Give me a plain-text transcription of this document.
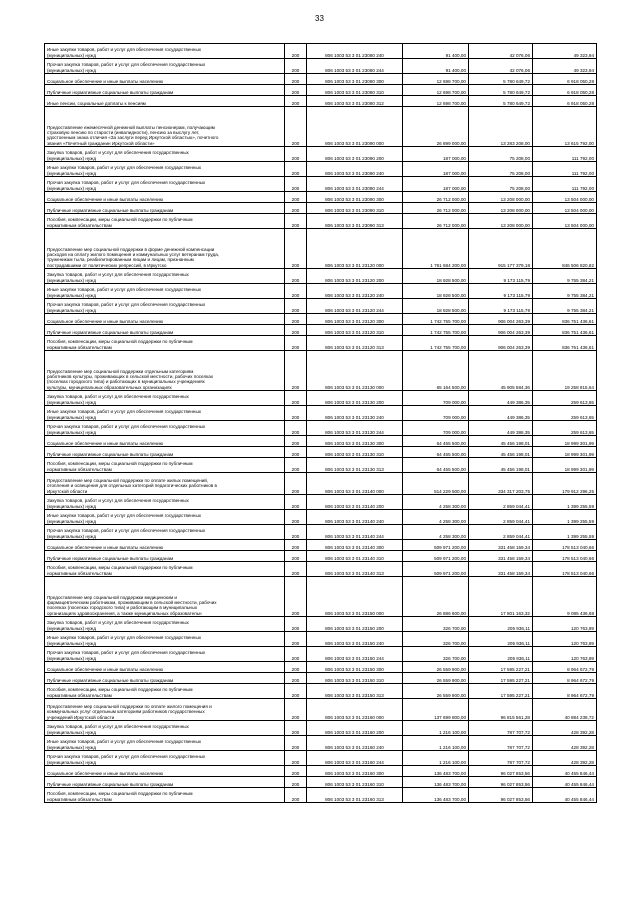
33
Иные закупки товаров, работ и услуг для обеспечения государственных
(муниципальных) нужд	200	806 1003 53 3 01 23080 240	91 400,00	42 076,06	49 323,94
Прочая закупка товаров, работ и услуг для обеспечения государственных
(муниципальных) нужд	200	806 1003 53 3 01 23080 244	91 400,00	42 076,06	49 323,94
Социальное обеспечение и иные выплаты населению	200	806 1003 53 3 01 23080 300	12 698 700,00	5 780 649,72	6 918 050,28
Публичные нормативные социальные выплаты гражданам	200	806 1003 53 3 01 23080 310	12 698 700,00	5 780 649,72	6 918 050,28
Иные пенсии, социальные доплаты к пенсиям	200	806 1003 53 3 01 23080 312	12 698 700,00	5 780 649,72	6 918 050,28
Предоставление ежемесячной денежной выплаты пенсионерам, получающим
страховую пенсию по старости (инвалидности), пенсию за выслугу лет,
удостоенным знака отличия «За заслуги перед Иркутской областью», почетного
звания «Почетный гражданин Иркутской области»	200	806 1003 53 3 01 23090 000	26 899 000,00	13 283 208,00	13 615 792,00
Закупка товаров, работ и услуг для обеспечения государственных
(муниципальных) нужд	200	806 1003 53 3 01 23090 200	187 000,00	75 208,00	111 792,00
Иные закупки товаров, работ и услуг для обеспечения государственных
(муниципальных) нужд	200	806 1003 53 3 01 23090 240	187 000,00	75 208,00	111 792,00
Прочая закупка товаров, работ и услуг для обеспечения государственных
(муниципальных) нужд	200	806 1003 53 3 01 23090 244	187 000,00	75 208,00	111 792,00
Социальное обеспечение и иные выплаты населению	200	806 1003 53 3 01 23090 300	26 712 000,00	13 208 000,00	13 504 000,00
Публичные нормативные социальные выплаты гражданам	200	806 1003 53 3 01 23090 310	26 712 000,00	13 208 000,00	13 504 000,00
Пособия, компенсации, меры социальной поддержки по публичным
нормативным обязательствам	200	806 1003 53 3 01 23090 313	26 712 000,00	13 208 000,00	13 504 000,00
Предоставление мер социальной поддержки в форме денежной компенсации
расходов на оплату жилого помещения и коммунальных услуг ветеранам труда,
труженикам тыла, реабилитированным лицам и лицам, признанным
пострадавшими от политических репрессий, в Иркутско	200	806 1003 53 3 01 23120 000	1 761 684 200,00	915 177 379,18	846 506 820,82
Закупка товаров, работ и услуг для обеспечения государственных
(муниципальных) нужд	200	806 1003 53 3 01 23120 200	18 928 500,00	9 173 115,79	9 755 384,21
Иные закупки товаров, работ и услуг для обеспечения государственных
(муниципальных) нужд	200	806 1003 53 3 01 23120 240	18 928 500,00	9 173 115,79	9 755 384,21
Прочая закупка товаров, работ и услуг для обеспечения государственных
(муниципальных) нужд	200	806 1003 53 3 01 23120 244	18 928 500,00	9 173 115,79	9 755 384,21
Социальное обеспечение и иные выплаты населению	200	806 1003 53 3 01 23120 300	1 742 755 700,00	906 004 263,39	836 751 436,61
Публичные нормативные социальные выплаты гражданам	200	806 1003 53 3 01 23120 310	1 742 755 700,00	906 004 263,39	836 751 436,61
Пособия, компенсации, меры социальной поддержки по публичным
нормативным обязательствам	200	806 1003 53 3 01 23120 313	1 742 755 700,00	906 004 263,39	836 751 436,61
Предоставление мер социальной поддержки отдельным категориям
работников культуры, проживающих в сельской местности, рабочих поселках
(поселках городского типа) и работающих в муниципальных учреждениях
культуры, муниципальных образовательных организациях	200	806 1003 53 3 01 23130 000	65 164 500,00	45 905 584,36	19 258 915,64
Закупка товаров, работ и услуг для обеспечения государственных
(муниципальных) нужд	200	806 1003 53 3 01 23130 200	709 000,00	449 386,35	259 613,65
Иные закупки товаров, работ и услуг для обеспечения государственных
(муниципальных) нужд	200	806 1003 53 3 01 23130 240	709 000,00	449 386,35	259 613,65
Прочая закупка товаров, работ и услуг для обеспечения государственных
(муниципальных) нужд	200	806 1003 53 3 01 23130 244	709 000,00	449 386,35	259 613,65
Социальное обеспечение и иные выплаты населению	200	806 1003 53 3 01 23130 300	64 455 500,00	45 456 198,01	18 999 301,99
Публичные нормативные социальные выплаты гражданам	200	806 1003 53 3 01 23130 310	64 455 500,00	45 456 198,01	18 999 301,99
Пособия, компенсации, меры социальной поддержки по публичным
нормативным обязательствам	200	806 1003 53 3 01 23130 313	64 455 500,00	45 456 198,01	18 999 301,99
Предоставление мер социальной поддержки по оплате жилых помещений,
отопления и освещения для отдельных категорий педагогических работников в
Иркутской области	200	806 1003 53 3 01 23140 000	514 229 500,00	334 317 203,75	179 912 296,25
Закупка товаров, работ и услуг для обеспечения государственных
(муниципальных) нужд	200	806 1003 53 3 01 23140 200	4 258 300,00	2 859 044,41	1 399 255,59
Иные закупки товаров, работ и услуг для обеспечения государственных
(муниципальных) нужд	200	806 1003 53 3 01 23140 240	4 258 300,00	2 859 044,41	1 399 255,59
Прочая закупка товаров, работ и услуг для обеспечения государственных
(муниципальных) нужд	200	806 1003 53 3 01 23140 244	4 258 300,00	2 859 044,41	1 399 255,59
Социальное обеспечение и иные выплаты населению	200	806 1003 53 3 01 23140 300	509 971 200,00	331 458 159,34	178 513 040,66
Публичные нормативные социальные выплаты гражданам	200	806 1003 53 3 01 23140 310	509 971 200,00	331 458 159,34	178 513 040,66
Пособия, компенсации, меры социальной поддержки по публичным
нормативным обязательствам	200	806 1003 53 3 01 23140 313	509 971 200,00	331 458 159,34	178 513 040,66
Предоставление мер социальной поддержки медицинским и
фармацевтическим работникам, проживающим в сельской местности, рабочих
поселках (поселках городского типа) и работающим в муниципальных
организациях здравоохранения, а также муниципальных образовательн	200	806 1003 53 3 01 23150 000	26 886 600,00	17 801 163,32	9 085 436,68
Закупка товаров, работ и услуг для обеспечения государственных
(муниципальных) нужд	200	806 1003 53 3 01 23150 200	326 700,00	205 936,11	120 763,89
Иные закупки товаров, работ и услуг для обеспечения государственных
(муниципальных) нужд	200	806 1003 53 3 01 23150 240	326 700,00	205 936,11	120 763,89
Прочая закупка товаров, работ и услуг для обеспечения государственных
(муниципальных) нужд	200	806 1003 53 3 01 23150 244	326 700,00	205 936,11	120 763,89
Социальное обеспечение и иные выплаты населению	200	806 1003 53 3 01 23150 300	26 559 900,00	17 595 227,21	8 964 672,79
Публичные нормативные социальные выплаты гражданам	200	806 1003 53 3 01 23150 310	26 559 900,00	17 595 227,21	8 964 672,79
Пособия, компенсации, меры социальной поддержки по публичным
нормативным обязательствам	200	806 1003 53 3 01 23150 313	26 559 900,00	17 595 227,21	8 964 672,79
Предоставление мер социальной поддержки по оплате жилого помещения и
коммунальных услуг отдельным категориям работников государственных
учреждений Иркутской области	200	806 1003 53 3 01 23160 000	137 699 800,00	96 815 561,28	40 884 238,72
Закупка товаров, работ и услуг для обеспечения государственных
(муниципальных) нужд	200	806 1003 53 3 01 23160 200	1 216 100,00	787 707,72	428 392,28
Иные закупки товаров, работ и услуг для обеспечения государственных
(муниципальных) нужд	200	806 1003 53 3 01 23160 240	1 216 100,00	787 707,72	428 392,28
Прочая закупка товаров, работ и услуг для обеспечения государственных
(муниципальных) нужд	200	806 1003 53 3 01 23160 244	1 216 100,00	787 707,72	428 392,28
Социальное обеспечение и иные выплаты населению	200	806 1003 53 3 01 23160 300	136 483 700,00	96 027 853,56	40 455 846,44
Публичные нормативные социальные выплаты гражданам	200	806 1003 53 3 01 23160 310	136 483 700,00	96 027 853,56	40 455 846,44
Пособия, компенсации, меры социальной поддержки по публичным
нормативным обязательствам	200	806 1003 53 3 01 23160 313	136 483 700,00	96 027 853,56	40 455 846,44
